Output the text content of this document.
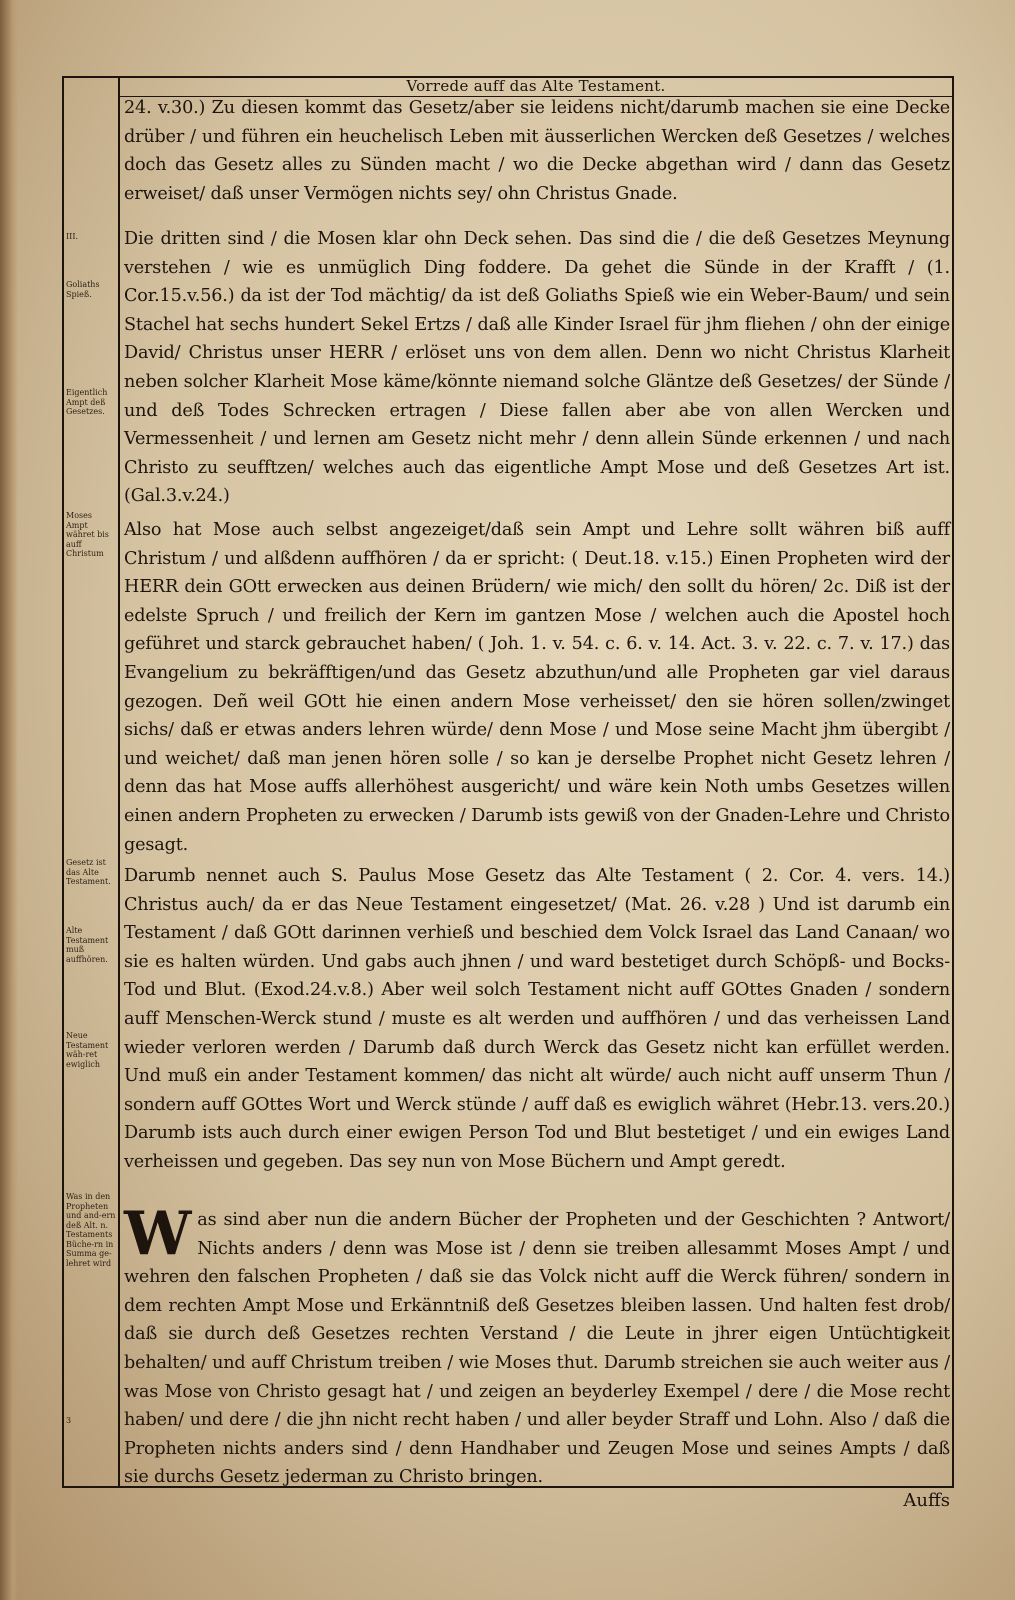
Vorrede auff das Alte Testament.

24. v.30.) Zu diesen kommt das Gesetz/aber sie leidens nicht/darumb machen sie eine Decke drüber / und führen ein heuchelisch Leben mit äusserlichen Wercken deß Gesetzes / welches doch das Gesetz alles zu Sünden macht / wo die Decke abgethan wird / dann das Gesetz erweiset/ daß unser Vermögen nichts sey/ ohn Christus Gnade.

Die dritten sind / die Mosen klar ohn Deck sehen. Das sind die / die deß Gesetzes Meynung verstehen / wie es unmüglich Ding foddere. Da gehet die Sünde in der Krafft / (1. Cor.15.v.56.) da ist der Tod mächtig/ da ist deß Goliaths Spieß wie ein Weber-Baum/ und sein Stachel hat sechs hundert Sekel Ertzs / daß alle Kinder Israel für jhm fliehen / ohn der einige David/ Christus unser HERR / erlöset uns von dem allen. Denn wo nicht Christus Klarheit neben solcher Klarheit Mose käme/könnte niemand solche Gläntze deß Gesetzes/ der Sünde / und deß Todes Schrecken ertragen / Diese fallen aber abe von allen Wercken und Vermessenheit / und lernen am Gesetz nicht mehr / denn allein Sünde erkennen / und nach Christo zu seufftzen/ welches auch das eigentliche Ampt Mose und deß Gesetzes Art ist. (Gal.3.v.24.)

Also hat Mose auch selbst angezeiget/daß sein Ampt und Lehre sollt währen biß auff Christum / und alßdenn auffhören / da er spricht: ( Deut.18. v.15.) Einen Propheten wird der HERR dein GOtt erwecken aus deinen Brüdern/ wie mich/ den sollt du hören/ 2c. Diß ist der edelste Spruch / und freilich der Kern im gantzen Mose / welchen auch die Apostel hoch geführet und starck gebrauchet haben/ ( Joh. 1. v. 54. c. 6. v. 14. Act. 3. v. 22. c. 7. v. 17.) das Evangelium zu bekräfftigen/und das Gesetz abzuthun/und alle Propheten gar viel daraus gezogen. Deñ weil GOtt hie einen andern Mose verheisset/ den sie hören sollen/zwinget sichs/ daß er etwas anders lehren würde/ denn Mose / und Mose seine Macht jhm übergibt / und weichet/ daß man jenen hören solle / so kan je derselbe Prophet nicht Gesetz lehren / denn das hat Mose auffs allerhöhest ausgericht/ und wäre kein Noth umbs Gesetzes willen einen andern Propheten zu erwecken / Darumb ists gewiß von der Gnaden-Lehre und Christo gesagt.

Darumb nennet auch S. Paulus Mose Gesetz das Alte Testament ( 2. Cor. 4. vers. 14.) Christus auch/ da er das Neue Testament eingesetzet/ (Mat. 26. v.28 ) Und ist darumb ein Testament / daß GOtt darinnen verhieß und beschied dem Volck Israel das Land Canaan/ wo sie es halten würden. Und gabs auch jhnen / und ward bestetiget durch Schöpß- und Bocks-Tod und Blut. (Exod.24.v.8.) Aber weil solch Testament nicht auff GOttes Gnaden / sondern auff Menschen-Werck stund / muste es alt werden und auffhören / und das verheissen Land wieder verloren werden / Darumb daß durch Werck das Gesetz nicht kan erfüllet werden. Und muß ein ander Testament kommen/ das nicht alt würde/ auch nicht auff unserm Thun / sondern auff GOttes Wort und Werck stünde / auff daß es ewiglich währet (Hebr.13. vers.20.) Darumb ists auch durch einer ewigen Person Tod und Blut bestetiget / und ein ewiges Land verheissen und gegeben. Das sey nun von Mose Büchern und Ampt geredt.

W as sind aber nun die andern Bücher der Propheten und der Geschichten ? Antwort/ Nichts anders / denn was Mose ist / denn sie treiben allesammt Moses Ampt / und wehren den falschen Propheten / daß sie das Volck nicht auff die Werck führen/ sondern in dem rechten Ampt Mose und Erkänntniß deß Gesetzes bleiben lassen. Und halten fest drob/ daß sie durch deß Gesetzes rechten Verstand / die Leute in jhrer eigen Untüchtigkeit behalten/ und auff Christum treiben / wie Moses thut. Darumb streichen sie auch weiter aus / was Mose von Christo gesagt hat / und zeigen an beyderley Exempel / dere / die Mose recht haben/ und dere / die jhn nicht recht haben / und aller beyder Straff und Lohn. Also / daß die Propheten nichts anders sind / denn Handhaber und Zeugen Mose und seines Ampts / daß sie durchs Gesetz jederman zu Christo bringen.
III.
Goliaths Spieß.
Eigentlich Ampt deß Gesetzes.
Moses Ampt währet bis auff Christum
Gesetz ist das Alte Testament.
Alte Testament muß auffhören.
Neue Testament wäh-ret ewiglich
Was in den Propheten und and-ern deß Alt. n. Testaments Büche-rn in Summa ge-lehret wird
3
Auffs
